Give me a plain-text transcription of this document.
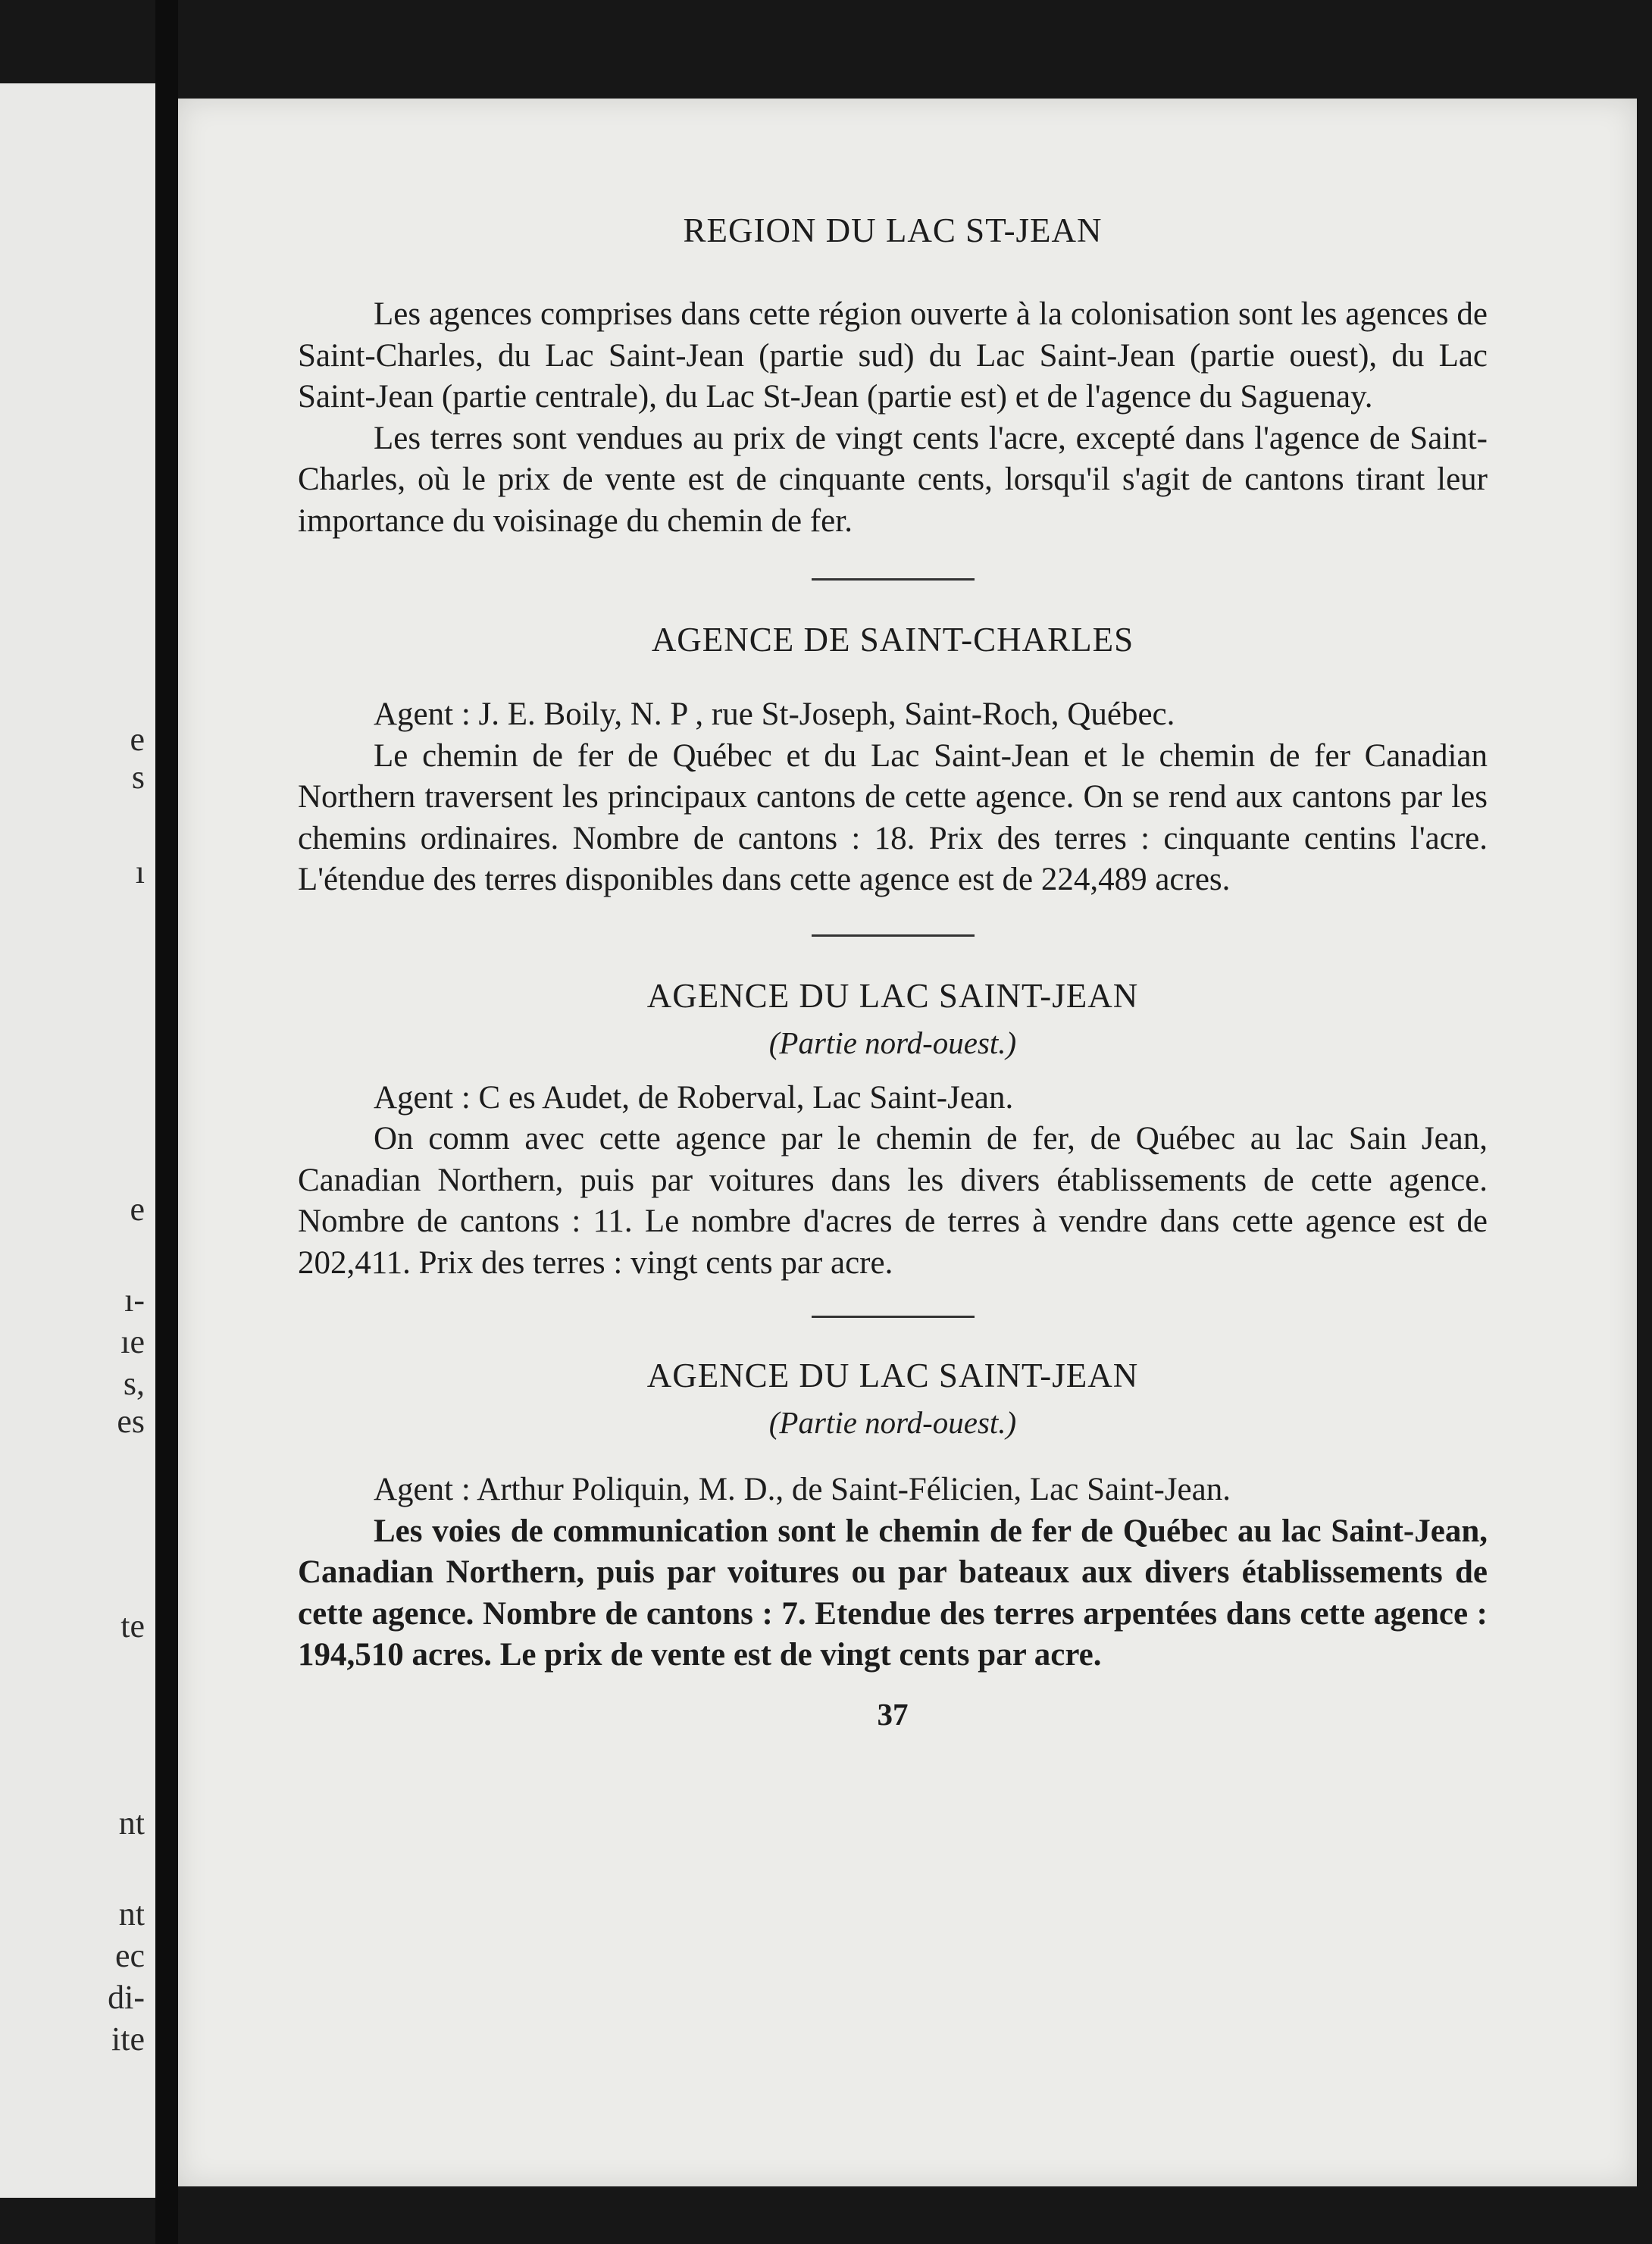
e
s
ı
e
ı-
ıe
s,
es
te
nt
nt
ec
di-
ite
REGION DU LAC ST-JEAN

Les agences comprises dans cette région ouverte à la colonisation sont les agences de Saint-Charles, du Lac Saint-Jean (partie sud) du Lac Saint-Jean (partie ouest), du Lac Saint-Jean (partie centrale), du Lac St-Jean (partie est) et de l'agence du Saguenay.

Les terres sont vendues au prix de vingt cents l'acre, excepté dans l'agence de Saint-Charles, où le prix de vente est de cinquante cents, lorsqu'il s'agit de cantons tirant leur importance du voisinage du chemin de fer.

AGENCE DE SAINT-CHARLES

Agent : J. E. Boily, N. P , rue St-Joseph, Saint-Roch, Québec.

Le chemin de fer de Québec et du Lac Saint-Jean et le chemin de fer Canadian Northern traversent les principaux cantons de cette agence. On se rend aux cantons par les chemins ordinaires. Nombre de cantons : 18. Prix des terres : cinquante centins l'acre. L'étendue des terres disponibles dans cette agence est de 224,489 acres.

AGENCE DU LAC SAINT-JEAN

(Partie nord-ouest.)

Agent : C es Audet, de Roberval, Lac Saint-Jean.

On comm avec cette agence par le chemin de fer, de Québec au lac Sain Jean, Canadian Northern, puis par voitures dans les divers établissements de cette agence. Nombre de cantons : 11. Le nombre d'acres de terres à vendre dans cette agence est de 202,411. Prix des terres : vingt cents par acre.

AGENCE DU LAC SAINT-JEAN

(Partie nord-ouest.)

Agent : Arthur Poliquin, M. D., de Saint-Félicien, Lac Saint-Jean.

Les voies de communication sont le chemin de fer de Québec au lac Saint-Jean, Canadian Northern, puis par voitures ou par bateaux aux divers établissements de cette agence. Nombre de cantons : 7. Etendue des terres arpentées dans cette agence : 194,510 acres. Le prix de vente est de vingt cents par acre.

37
